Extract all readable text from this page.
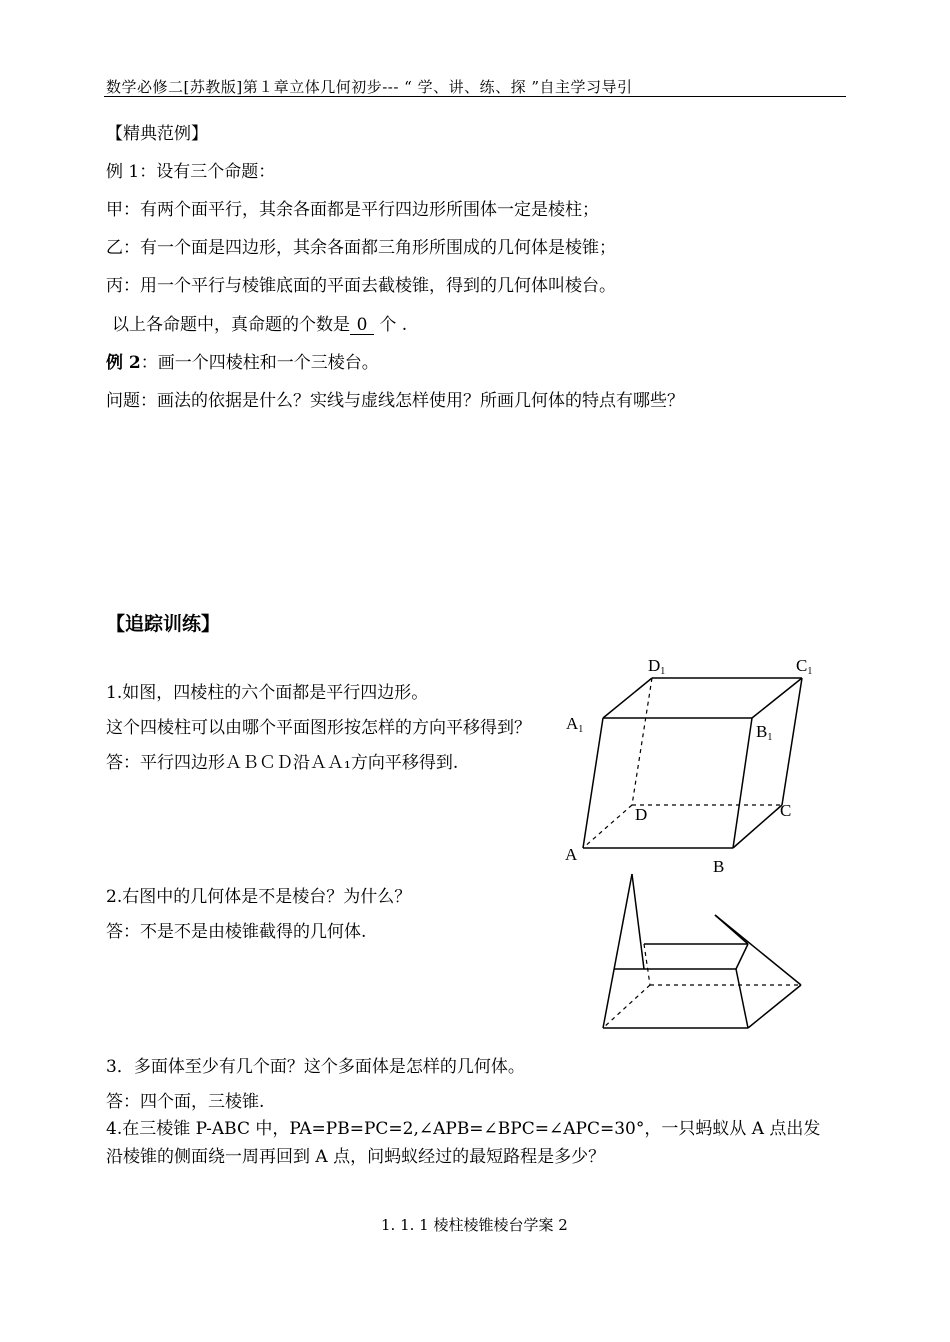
数学必修二[苏教版]第１章立体几何初步--- “ 学、讲、练、探 ”自主学习导引
【精典范例】
例 1：设有三个命题：
甲：有两个面平行，其余各面都是平行四边形所围体一定是棱柱；
乙：有一个面是四边形，其余各面都三角形所围成的几何体是棱锥；
丙：用一个平行与棱锥底面的平面去截棱锥，得到的几何体叫棱台。
以上各命题中，真命题的个数是 0 个 .
例 2：画一个四棱柱和一个三棱台。
问题：画法的依据是什么？实线与虚线怎样使用？所画几何体的特点有哪些？
【追踪训练】
1.如图，四棱柱的六个面都是平行四边形。
这个四棱柱可以由哪个平面图形按怎样的方向平移得到？
答：平行四边形ＡＢＣＤ沿ＡＡ₁方向平移得到.
2.右图中的几何体是不是棱台？为什么？
答：不是不是由棱锥截得的几何体.
3．多面体至少有几个面？这个多面体是怎样的几何体。
答：四个面，三棱锥.
4.在三棱锥 P-ABC 中，PA=PB=PC=2,∠APB=∠BPC=∠APC=30°，一只蚂蚁从 A 点出发
沿棱锥的侧面绕一周再回到 A 点，问蚂蚁经过的最短路程是多少？
D1	C1
A1	B1
A
B
C
D
1. 1. 1 棱柱棱锥棱台学案 2
